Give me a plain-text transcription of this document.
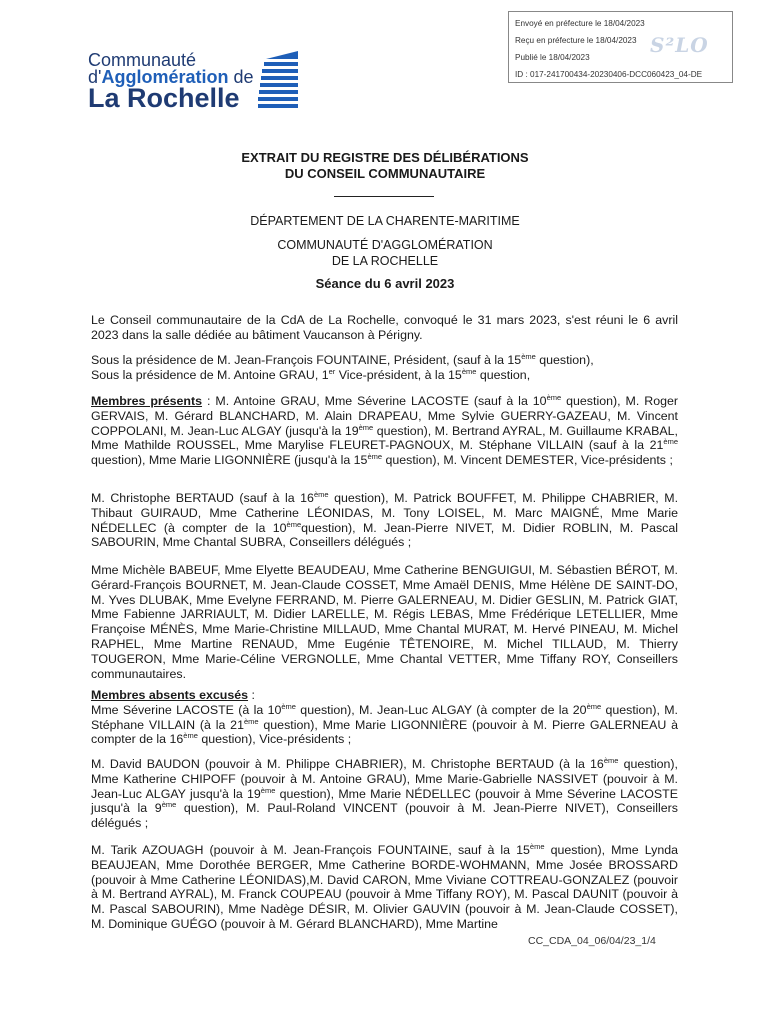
Envoyé en préfecture le 18/04/2023
Reçu en préfecture le 18/04/2023
Publié le 18/04/2023
ID : 017-241700434-20230406-DCC060423_04-DE
S²LO
Communauté
d'Agglomération de
La Rochelle
EXTRAIT DU REGISTRE DES DÉLIBÉRATIONS
DU CONSEIL COMMUNAUTAIRE
DÉPARTEMENT DE LA CHARENTE-MARITIME
COMMUNAUTÉ D'AGGLOMÉRATION
DE LA ROCHELLE
Séance du 6 avril 2023
Le Conseil communautaire de la CdA de La Rochelle, convoqué le 31 mars 2023, s'est réuni le 6 avril 2023 dans la salle dédiée au bâtiment Vaucanson à Périgny.
Sous la présidence de M. Jean-François FOUNTAINE, Président, (sauf à la 15ème question),
Sous la présidence de M. Antoine GRAU, 1er Vice-président, à la 15ème question,
Membres présents : M. Antoine GRAU, Mme Séverine LACOSTE (sauf à la 10ème question), M. Roger GERVAIS, M. Gérard BLANCHARD, M. Alain DRAPEAU, Mme Sylvie GUERRY-GAZEAU, M. Vincent COPPOLANI, M. Jean-Luc ALGAY (jusqu'à la 19ème question), M. Bertrand AYRAL, M. Guillaume KRABAL, Mme Mathilde ROUSSEL, Mme Marylise FLEURET-PAGNOUX, M. Stéphane VILLAIN (sauf à la 21ème question), Mme Marie LIGONNIÈRE (jusqu'à la 15ème question), M. Vincent DEMESTER, Vice-présidents ;
M. Christophe BERTAUD (sauf à la 16ème question), M. Patrick BOUFFET, M. Philippe CHABRIER, M. Thibaut GUIRAUD, Mme Catherine LÉONIDAS, M. Tony LOISEL, M. Marc MAIGNÉ, Mme Marie NÉDELLEC (à compter de la 10èmequestion), M. Jean-Pierre NIVET, M. Didier ROBLIN, M. Pascal SABOURIN, Mme Chantal SUBRA, Conseillers délégués ;
Mme Michèle BABEUF, Mme Elyette BEAUDEAU, Mme Catherine BENGUIGUI, M. Sébastien BÉROT, M. Gérard-François BOURNET, M. Jean-Claude COSSET, Mme Amaël DENIS, Mme Hélène DE SAINT-DO, M. Yves DLUBAK, Mme Evelyne FERRAND, M. Pierre GALERNEAU, M. Didier GESLIN, M. Patrick GIAT, Mme Fabienne JARRIAULT, M. Didier LARELLE, M. Régis LEBAS, Mme Frédérique LETELLIER, Mme Françoise MÉNÈS, Mme Marie-Christine MILLAUD, Mme Chantal MURAT, M. Hervé PINEAU, M. Michel RAPHEL, Mme Martine RENAUD, Mme Eugénie TÊTENOIRE, M. Michel TILLAUD, M. Thierry TOUGERON, Mme Marie-Céline VERGNOLLE, Mme Chantal VETTER, Mme Tiffany ROY, Conseillers communautaires.
Membres absents excusés :
Mme Séverine LACOSTE (à la 10ème question), M. Jean-Luc ALGAY (à compter de la 20ème question), M. Stéphane VILLAIN (à la 21ème question), Mme Marie LIGONNIÈRE (pouvoir à M. Pierre GALERNEAU à compter de la 16ème question), Vice-présidents ;
M. David BAUDON (pouvoir à M. Philippe CHABRIER), M. Christophe BERTAUD (à la 16ème question), Mme Katherine CHIPOFF (pouvoir à M. Antoine GRAU), Mme Marie-Gabrielle NASSIVET (pouvoir à M. Jean-Luc ALGAY jusqu'à la 19ème question), Mme Marie NÉDELLEC (pouvoir à Mme Séverine LACOSTE jusqu'à la 9ème question), M. Paul-Roland VINCENT (pouvoir à M. Jean-Pierre NIVET), Conseillers délégués ;
M. Tarik AZOUAGH (pouvoir à M. Jean-François FOUNTAINE, sauf à la 15ème question), Mme Lynda BEAUJEAN, Mme Dorothée BERGER, Mme Catherine BORDE-WOHMANN, Mme Josée BROSSARD (pouvoir à Mme Catherine LÉONIDAS),M. David CARON, Mme Viviane COTTREAU-GONZALEZ (pouvoir à M. Bertrand AYRAL), M. Franck COUPEAU (pouvoir à Mme Tiffany ROY), M. Pascal DAUNIT (pouvoir à M. Pascal SABOURIN), Mme Nadège DÉSIR, M. Olivier GAUVIN (pouvoir à M. Jean-Claude COSSET), M. Dominique GUÉGO (pouvoir à M. Gérard BLANCHARD), Mme Martine
CC_CDA_04_06/04/23_1/4
